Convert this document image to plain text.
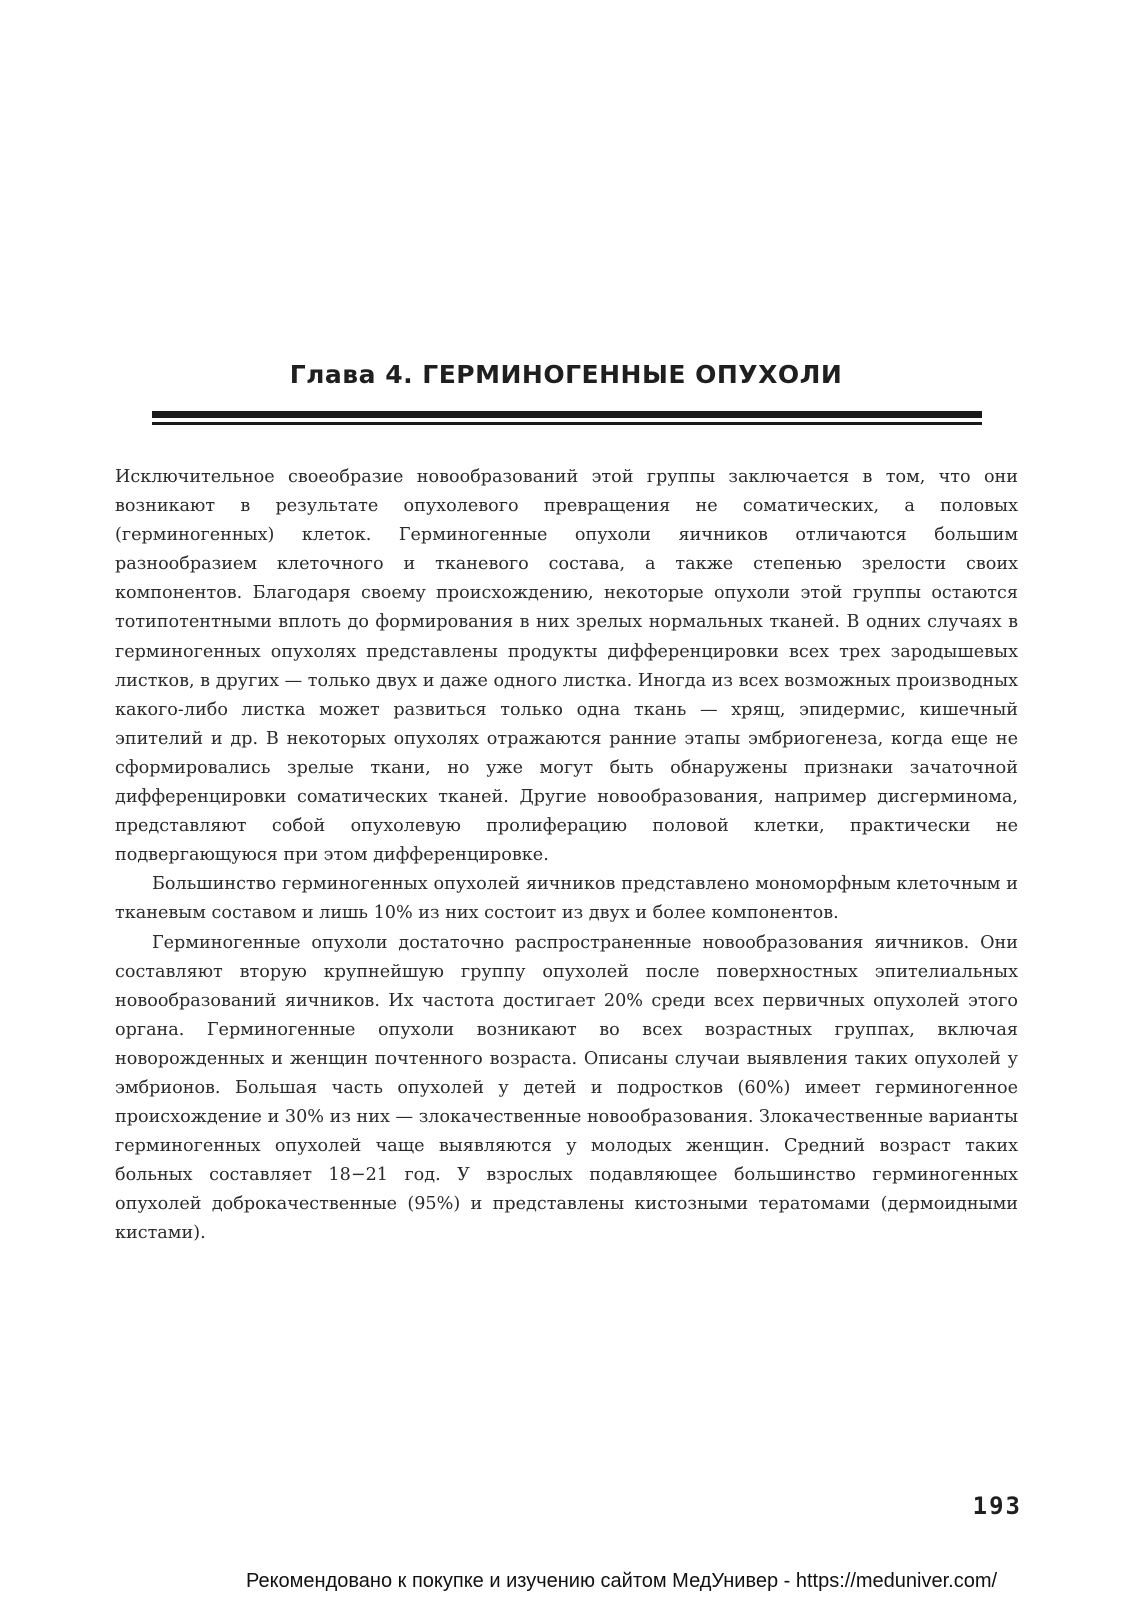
Глава 4. ГЕРМИНОГЕННЫЕ ОПУХОЛИ

Исключительное своеобразие новообразований этой группы заключается в том, что они возникают в результате опухолевого превращения не соматических, а половых (герминогенных) клеток. Герминогенные опухоли яичников отличаются большим разнообразием клеточного и тканевого состава, а также степенью зрелости своих компонентов. Благодаря своему происхождению, некоторые опухоли этой группы остаются тотипотентными вплоть до формирования в них зрелых нормальных тканей. В одних случаях в герминогенных опухолях представлены продукты дифференцировки всех трех зародышевых листков, в других — только двух и даже одного листка. Иногда из всех возможных производных какого-либо листка может развиться только одна ткань — хрящ, эпидермис, кишечный эпителий и др. В некоторых опухолях отражаются ранние этапы эмбриогенеза, когда еще не сформировались зрелые ткани, но уже могут быть обнаружены признаки зачаточной дифференцировки соматических тканей. Другие новообразования, например дисгерминома, представляют собой опухолевую пролиферацию половой клетки, практически не подвергающуюся при этом дифференцировке.

Большинство герминогенных опухолей яичников представлено мономорфным клеточным и тканевым составом и лишь 10% из них состоит из двух и более компонентов.

Герминогенные опухоли достаточно распространенные новообразования яичников. Они составляют вторую крупнейшую группу опухолей после поверхностных эпителиальных новообразований яичников. Их частота достигает 20% среди всех первичных опухолей этого органа. Герминогенные опухоли возникают во всех возрастных группах, включая новорожденных и женщин почтенного возраста. Описаны случаи выявления таких опухолей у эмбрионов. Большая часть опухолей у детей и подростков (60%) имеет герминогенное происхождение и 30% из них — злокачественные новообразования. Злокачественные варианты герминогенных опухолей чаще выявляются у молодых женщин. Средний возраст таких больных составляет 18−21 год. У взрослых подавляющее большинство герминогенных опухолей доброкачественные (95%) и представлены кистозными тератомами (дермоидными кистами).

193
Рекомендовано к покупке и изучению сайтом МедУнивер - https://meduniver.com/
